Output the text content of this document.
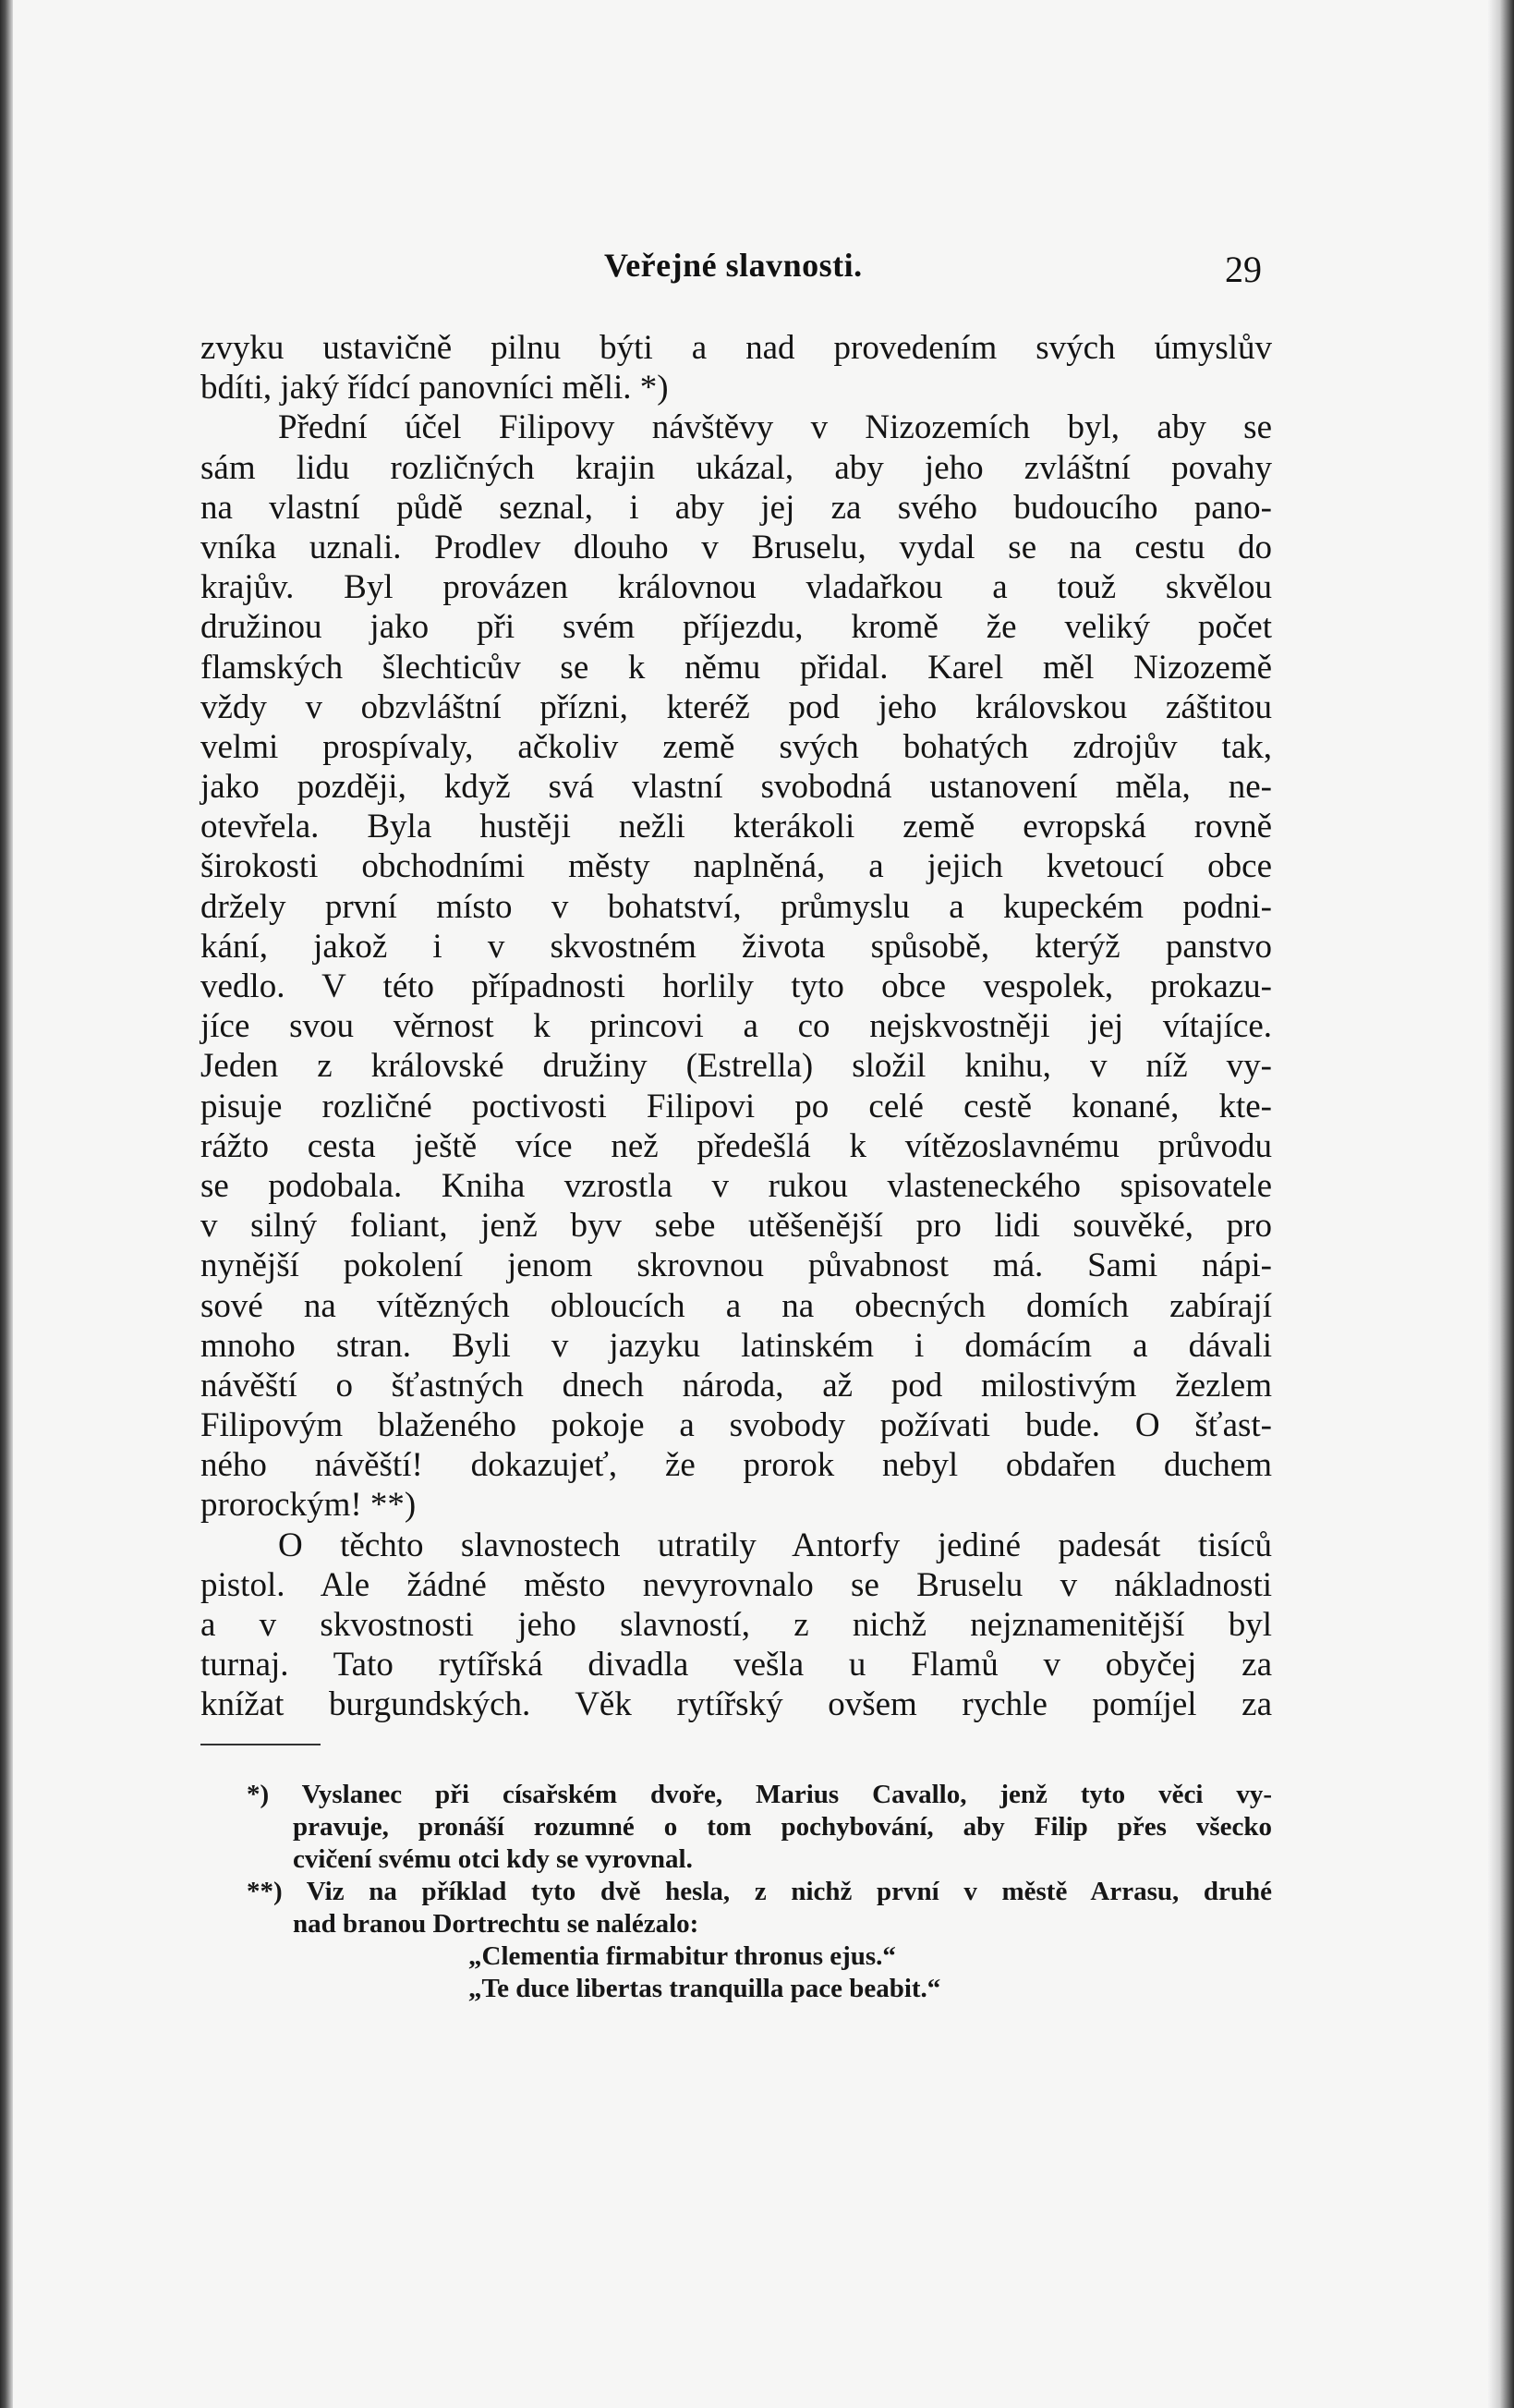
Veřejné slavnosti.	29
zvyku ustavičně pilnu býti a nad provedením svých úmyslův
bdíti, jaký řídcí panovníci měli. *)
Přední účel Filipovy návštěvy v Nizozemích byl, aby se
sám lidu rozličných krajin ukázal, aby jeho zvláštní povahy
na vlastní půdě seznal, i aby jej za svého budoucího pano-
vníka uznali. Prodlev dlouho v Bruselu, vydal se na cestu do
krajův. Byl provázen královnou vladařkou a touž skvělou
družinou jako při svém příjezdu, kromě že veliký počet
flamských šlechticův se k němu přidal. Karel měl Nizozemě
vždy v obzvláštní přízni, kteréž pod jeho královskou záštitou
velmi prospívaly, ačkoliv země svých bohatých zdrojův tak,
jako později, když svá vlastní svobodná ustanovení měla, ne-
otevřela. Byla hustěji nežli kterákoli země evropská rovně
širokosti obchodními městy naplněná, a jejich kvetoucí obce
držely první místo v bohatství, průmyslu a kupeckém podni-
kání, jakož i v skvostném života spůsobě, kterýž panstvo
vedlo. V této případnosti horlily tyto obce vespolek, prokazu-
jíce svou věrnost k princovi a co nejskvostněji jej vítajíce.
Jeden z královské družiny (Estrella) složil knihu, v níž vy-
pisuje rozličné poctivosti Filipovi po celé cestě konané, kte-
rážto cesta ještě více než předešlá k vítězoslavnému průvodu
se podobala. Kniha vzrostla v rukou vlasteneckého spisovatele
v silný foliant, jenž byv sebe utěšenější pro lidi souvěké, pro
nynější pokolení jenom skrovnou půvabnost má. Sami nápi-
sové na vítězných obloucích a na obecných domích zabírají
mnoho stran. Byli v jazyku latinském i domácím a dávali
návěští o šťastných dnech národa, až pod milostivým žezlem
Filipovým blaženého pokoje a svobody požívati bude. O šťast-
ného návěští! dokazujeť, že prorok nebyl obdařen duchem
prorockým! **)
O těchto slavnostech utratily Antorfy jediné padesát tisíců
pistol. Ale žádné město nevyrovnalo se Bruselu v nákladnosti
a v skvostnosti jeho slavností, z nichž nejznamenitější byl
turnaj. Tato rytířská divadla vešla u Flamů v obyčej za
knížat burgundských. Věk rytířský ovšem rychle pomíjel za
*) Vyslanec při císařském dvoře, Marius Cavallo, jenž tyto věci vy-
pravuje, pronáší rozumné o tom pochybování, aby Filip přes všecko
cvičení svému otci kdy se vyrovnal.
**) Viz na příklad tyto dvě hesla, z nichž první v městě Arrasu, druhé
nad branou Dortrechtu se nalézalo:
„Clementia firmabitur thronus ejus.“
„Te duce libertas tranquilla pace beabit.“
